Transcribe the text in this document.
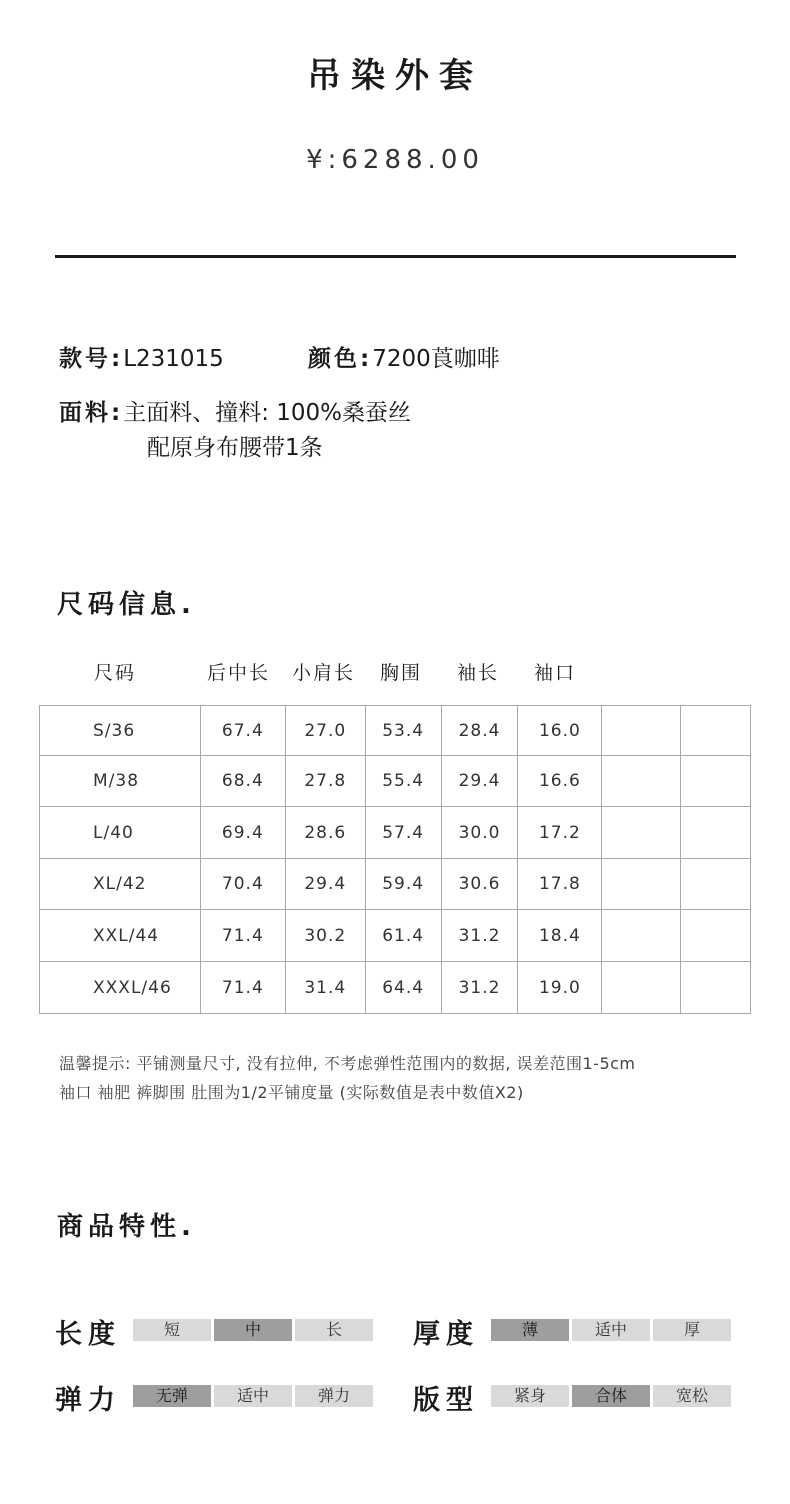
吊染外套
¥:6288.00
款号:L231015	颜色:7200莨咖啡
面料:主面料、撞料: 100%桑蚕丝
配原身布腰带1条
尺码信息.
尺码	后中长 小肩长 胸围 袖长 袖口
S/36	67.4	27.0	53.4	28.4	16.0		
M/38	68.4	27.8	55.4	29.4	16.6		
L/40	69.4	28.6	57.4	30.0	17.2		
XL/42	70.4	29.4	59.4	30.6	17.8		
XXL/44	71.4	30.2	61.4	31.2	18.4		
XXXL/46	71.4	31.4	64.4	31.2	19.0		
温馨提示: 平铺测量尺寸, 没有拉伸, 不考虑弹性范围内的数据, 误差范围1-5cm
袖口 袖肥 裤脚围 肚围为1/2平铺度量 (实际数值是表中数值X2)
商品特性.
长度	短	中	长	厚度	薄	适中	厚
弹力	无弹	适中	弹力	版型	紧身	合体	宽松
